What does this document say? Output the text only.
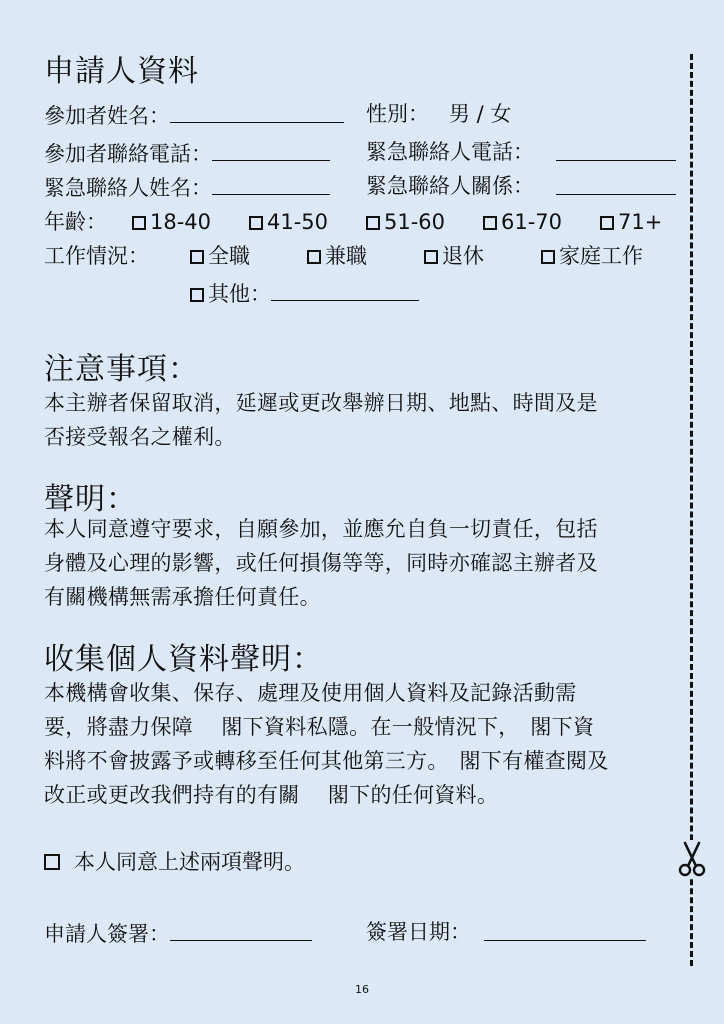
申請人資料
參加者姓名：	性別： 男 / 女
參加者聯絡電話：	緊急聯絡人電話：
緊急聯絡人姓名：	緊急聯絡人關係：
年齡：	18-40	41-50	51-60	61-70	71+
工作情況：	全職	兼職	退休	家庭工作
其他：
注意事項：
本主辦者保留取消，延遲或更改舉辦日期、地點、時間及是
否接受報名之權利。
聲明：
本人同意遵守要求，自願參加，並應允自負一切責任，包括
身體及心理的影響，或任何損傷等等，同時亦確認主辦者及
有關機構無需承擔任何責任。
收集個人資料聲明：
本機構會收集、保存、處理及使用個人資料及記錄活動需
要，將盡力保障　 閣下資料私隱。在一般情況下，　閣下資
料將不會披露予或轉移至任何其他第三方。　閣下有權查閱及
改正或更改我們持有的有關　 閣下的任何資料。
本人同意上述兩項聲明。
申請人簽署：	簽署日期：
16
